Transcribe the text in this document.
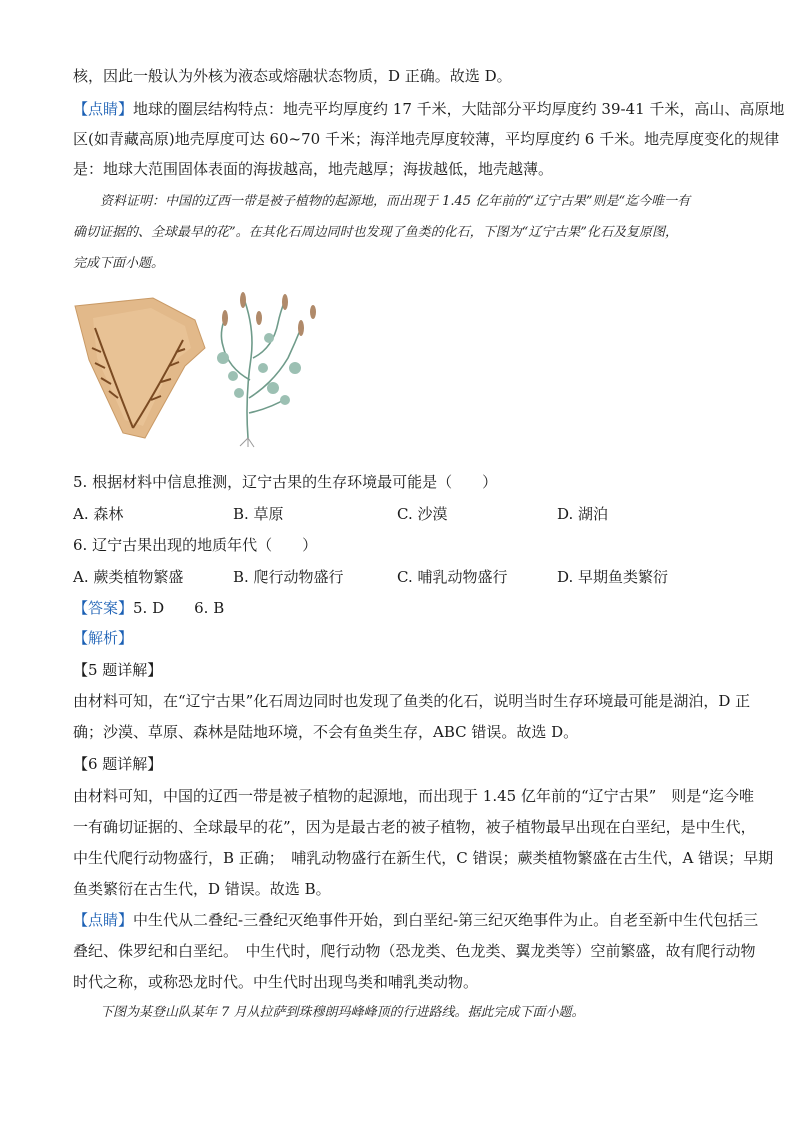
核，因此一般认为外核为液态或熔融状态物质，D 正确。故选 D。
【点睛】地球的圈层结构特点：地壳平均厚度约 17 千米，大陆部分平均厚度约 39-41 千米，高山、高原地
区(如青藏高原)地壳厚度可达 60~70 千米；海洋地壳厚度较薄，平均厚度约 6 千米。地壳厚度变化的规律
是：地球大范围固体表面的海拔越高，地壳越厚；海拔越低，地壳越薄。
资料证明：中国的辽西一带是被子植物的起源地，而出现于 1.45 亿年前的“辽宁古果”则是“迄今唯一有
确切证据的、全球最早的花”。在其化石周边同时也发现了鱼类的化石，下图为“辽宁古果”化石及复原图，
完成下面小题。
5. 根据材料中信息推测，辽宁古果的生存环境最可能是（　　）
A. 森林	B. 草原	C. 沙漠	D. 湖泊
6. 辽宁古果出现的地质年代（　　）
A. 蕨类植物繁盛	B. 爬行动物盛行	C. 哺乳动物盛行	D. 早期鱼类繁衍
【答案】5. D　　6. B
【解析】
【5 题详解】
由材料可知，在“辽宁古果”化石周边同时也发现了鱼类的化石，说明当时生存环境最可能是湖泊，D 正
确；沙漠、草原、森林是陆地环境，不会有鱼类生存，ABC 错误。故选 D。
【6 题详解】
由材料可知，中国的辽西一带是被子植物的起源地，而出现于 1.45 亿年前的“辽宁古果”　则是“迄今唯
一有确切证据的、全球最早的花”，因为是最古老的被子植物，被子植物最早出现在白垩纪，是中生代，
中生代爬行动物盛行，B 正确；　哺乳动物盛行在新生代，C 错误；蕨类植物繁盛在古生代，A 错误；早期
鱼类繁衍在古生代，D 错误。故选 B。
【点睛】中生代从二叠纪-三叠纪灭绝事件开始，到白垩纪-第三纪灭绝事件为止。自老至新中生代包括三
叠纪、侏罗纪和白垩纪。　中生代时，爬行动物（恐龙类、色龙类、翼龙类等）空前繁盛，故有爬行动物
时代之称，或称恐龙时代。中生代时出现鸟类和哺乳类动物。
下图为某登山队某年 7 月从拉萨到珠穆朗玛峰峰顶的行进路线。据此完成下面小题。
